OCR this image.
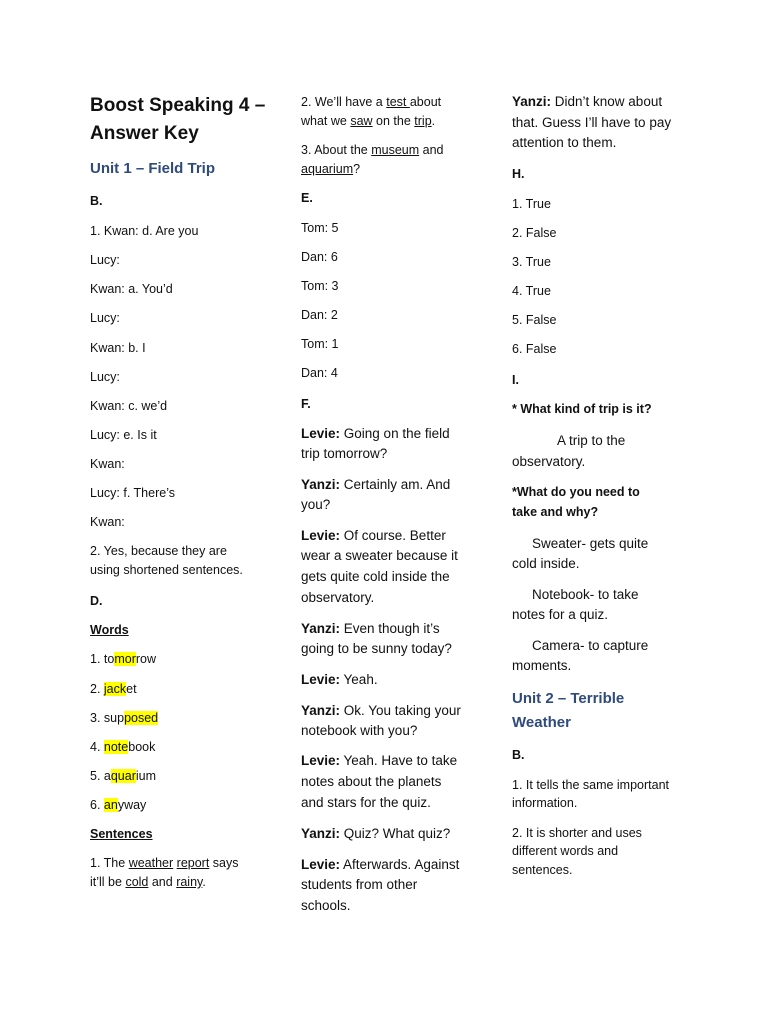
Boost Speaking 4 –
Answer Key
Unit 1 – Field Trip
B.
1. Kwan: d. Are you
Lucy:
Kwan: a. You’d
Lucy:
Kwan: b. I
Lucy:
Kwan: c. we’d
Lucy: e. Is it
Kwan:
Lucy: f. There’s
Kwan:
2. Yes, because they are
using shortened sentences.
D.
Words
1. tomorrow
2. jacket
3. supposed
4. notebook
5. aquarium
6. anyway
Sentences
1. The weather report says
it’ll be cold and rainy.
2. We’ll have a test about
what we saw on the trip.
3. About the museum and
aquarium?
E.
Tom: 5
Dan: 6
Tom: 3
Dan: 2
Tom: 1
Dan: 4
F.
Levie: Going on the field
trip tomorrow?
Yanzi: Certainly am. And
you?
Levie: Of course. Better
wear a sweater because it
gets quite cold inside the
observatory.
Yanzi: Even though it’s
going to be sunny today?
Levie: Yeah.
Yanzi: Ok. You taking your
notebook with you?
Levie: Yeah. Have to take
notes about the planets
and stars for the quiz.
Yanzi: Quiz? What quiz?
Levie: Afterwards. Against
students from other
schools.
Yanzi: Didn’t know about
that. Guess I’ll have to pay
attention to them.
H.
1. True
2. False
3. True
4. True
5. False
6. False
I.
* What kind of trip is it?
A trip to the
observatory.
*What do you need to
take and why?
Sweater- gets quite
cold inside.
Notebook- to take
notes for a quiz.
Camera- to capture
moments.
Unit 2 – Terrible
Weather
B.
1. It tells the same important
information.
2. It is shorter and uses
different words and
sentences.
